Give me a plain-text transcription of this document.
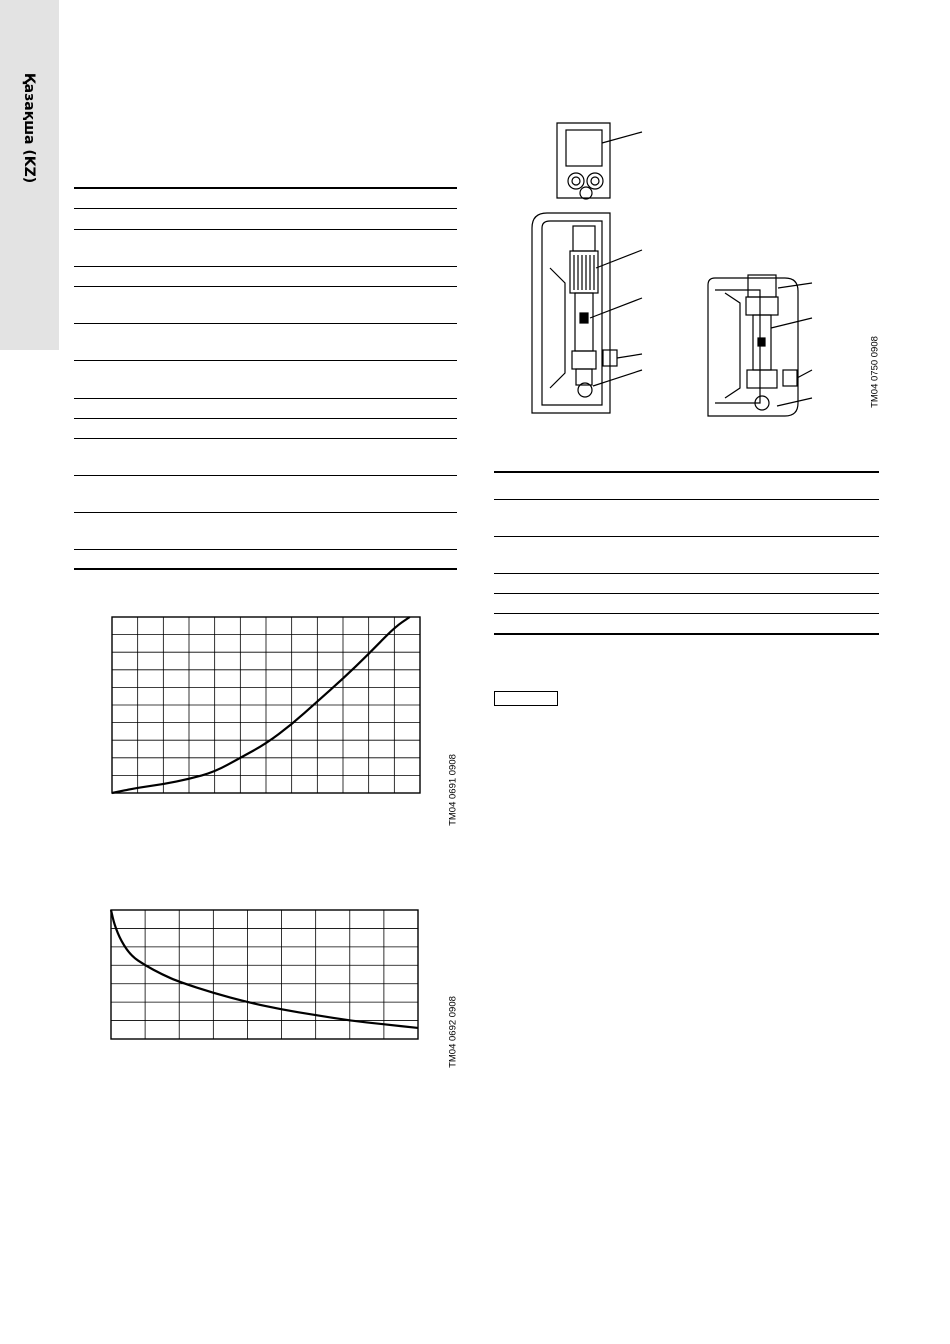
Қазақша (KZ)
TM04 0691 0908
TM04 0692 0908
TM04 0750 0908
